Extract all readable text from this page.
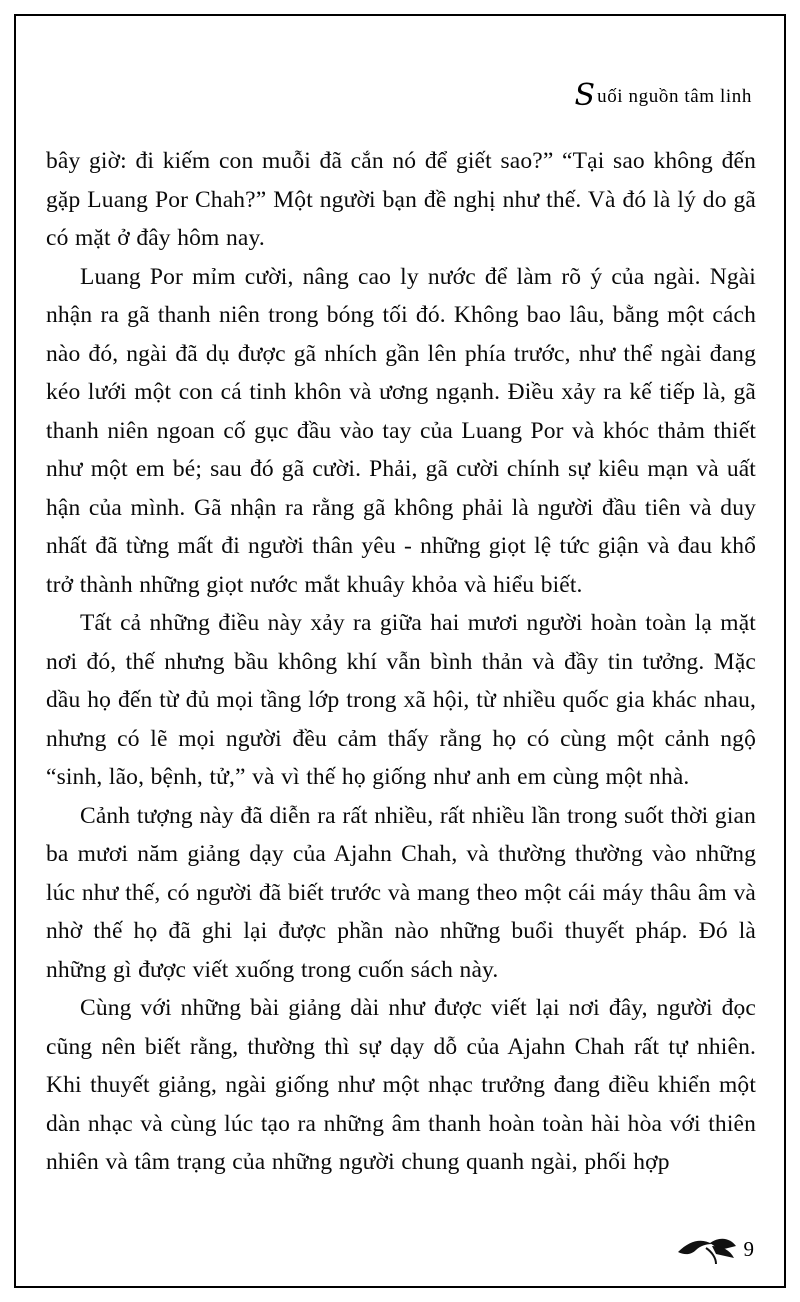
S uối nguồn tâm linh

bây giờ: đi kiếm con muỗi đã cắn nó để giết sao?” “Tại sao không đến gặp Luang Por Chah?” Một người bạn đề nghị như thế. Và đó là lý do gã có mặt ở đây hôm nay.

Luang Por mỉm cười, nâng cao ly nước để làm rõ ý của ngài. Ngài nhận ra gã thanh niên trong bóng tối đó. Không bao lâu, bằng một cách nào đó, ngài đã dụ được gã nhích gần lên phía trước, như thể ngài đang kéo lưới một con cá tinh khôn và ương ngạnh. Điều xảy ra kế tiếp là, gã thanh niên ngoan cố gục đầu vào tay của Luang Por và khóc thảm thiết như một em bé; sau đó gã cười. Phải, gã cười chính sự kiêu mạn và uất hận của mình. Gã nhận ra rằng gã không phải là người đầu tiên và duy nhất đã từng mất đi người thân yêu - những giọt lệ tức giận và đau khổ trở thành những giọt nước mắt khuây khỏa và hiểu biết.

Tất cả những điều này xảy ra giữa hai mươi người hoàn toàn lạ mặt nơi đó, thế nhưng bầu không khí vẫn bình thản và đầy tin tưởng. Mặc dầu họ đến từ đủ mọi tầng lớp trong xã hội, từ nhiều quốc gia khác nhau, nhưng có lẽ mọi người đều cảm thấy rằng họ có cùng một cảnh ngộ “sinh, lão, bệnh, tử,” và vì thế họ giống như anh em cùng một nhà.

Cảnh tượng này đã diễn ra rất nhiều, rất nhiều lần trong suốt thời gian ba mươi năm giảng dạy của Ajahn Chah, và thường thường vào những lúc như thế, có người đã biết trước và mang theo một cái máy thâu âm và nhờ thế họ đã ghi lại được phần nào những buổi thuyết pháp. Đó là những gì được viết xuống trong cuốn sách này.

Cùng với những bài giảng dài như được viết lại nơi đây, người đọc cũng nên biết rằng, thường thì sự dạy dỗ của Ajahn Chah rất tự nhiên. Khi thuyết giảng, ngài giống như một nhạc trưởng đang điều khiển một dàn nhạc và cùng lúc tạo ra những âm thanh hoàn toàn hài hòa với thiên nhiên và tâm trạng của những người chung quanh ngài, phối hợp

9
